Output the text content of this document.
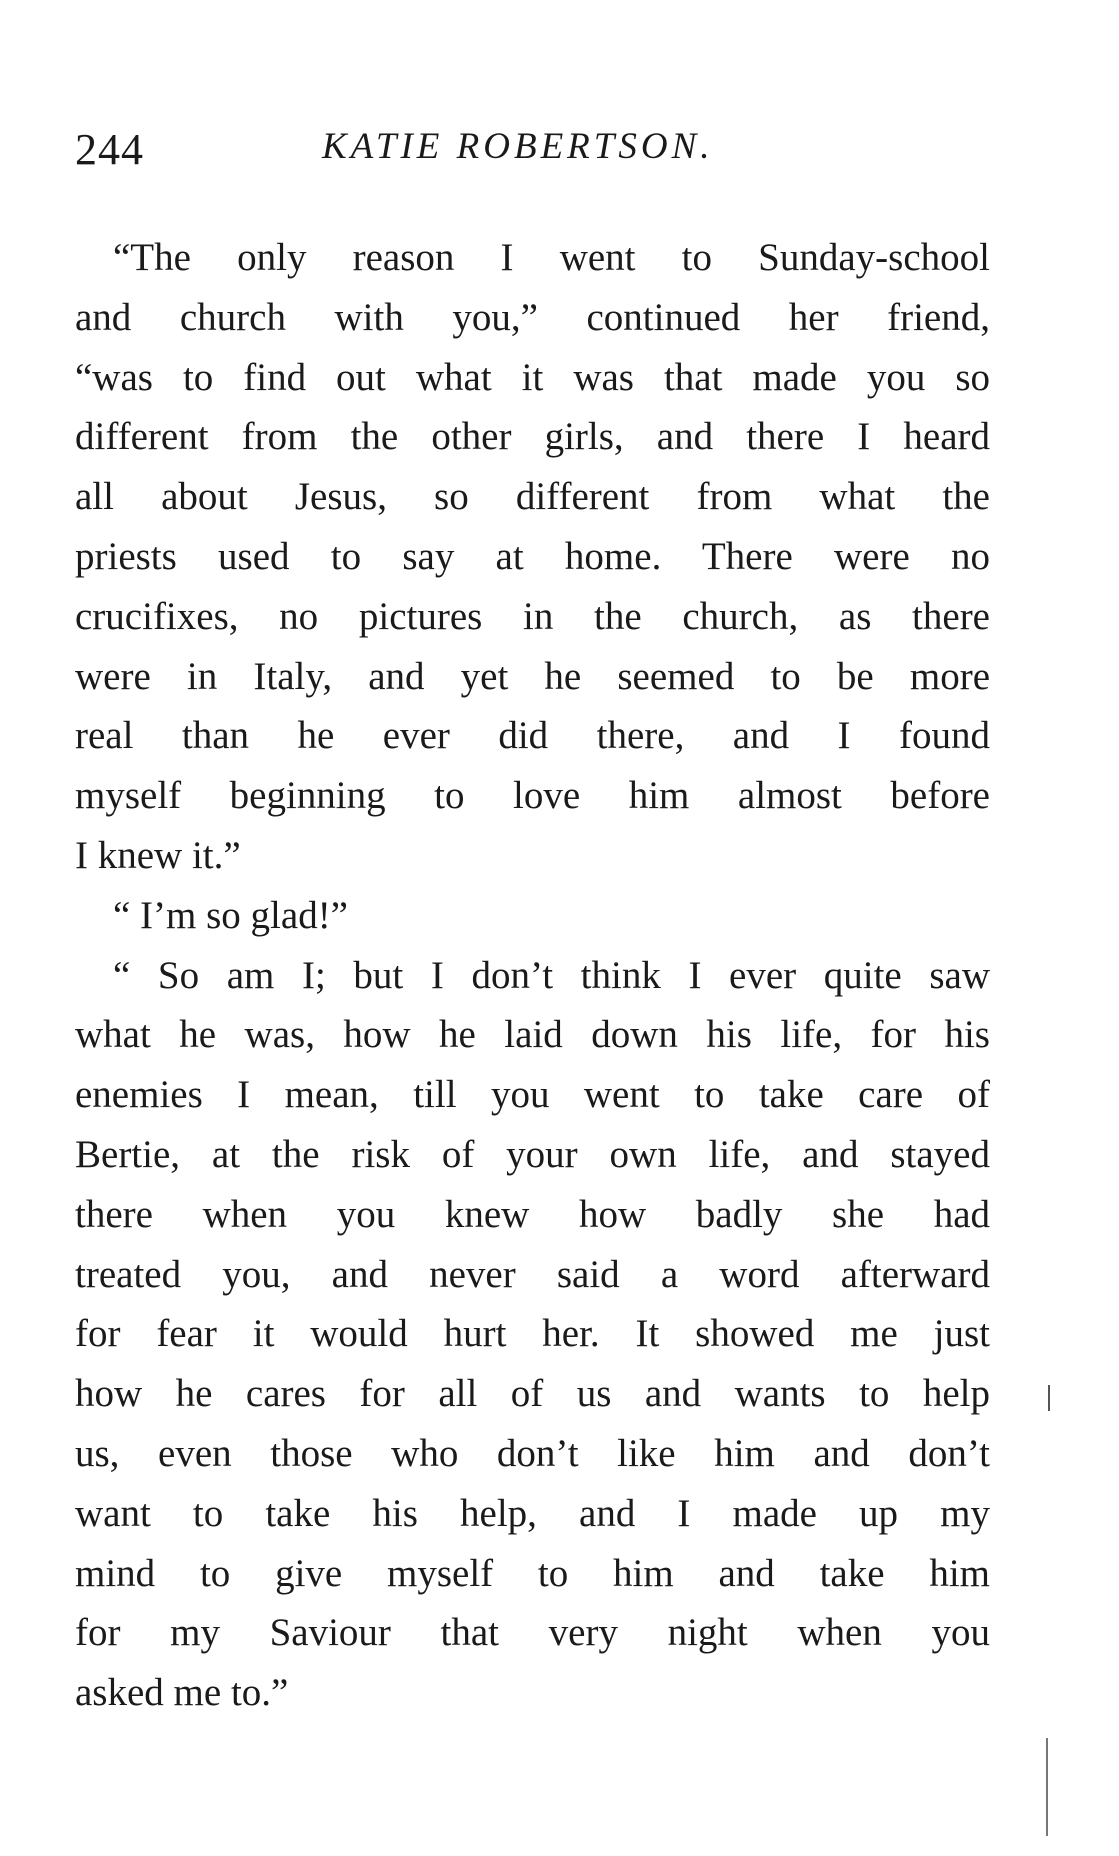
244	KATIE ROBERTSON.
“The only reason I went to Sunday-school
and church with you,” continued her friend,
“was to find out what it was that made you so
different from the other girls, and there I heard
all about Jesus, so different from what the
priests used to say at home. There were no
crucifixes, no pictures in the church, as there
were in Italy, and yet he seemed to be more
real than he ever did there, and I found
myself beginning to love him almost before
I knew it.”
“ I’m so glad!”
“ So am I; but I don’t think I ever quite saw
what he was, how he laid down his life, for his
enemies I mean, till you went to take care of
Bertie, at the risk of your own life, and stayed
there when you knew how badly she had
treated you, and never said a word afterward
for fear it would hurt her. It showed me just
how he cares for all of us and wants to help
us, even those who don’t like him and don’t
want to take his help, and I made up my
mind to give myself to him and take him
for my Saviour that very night when you
asked me to.”
